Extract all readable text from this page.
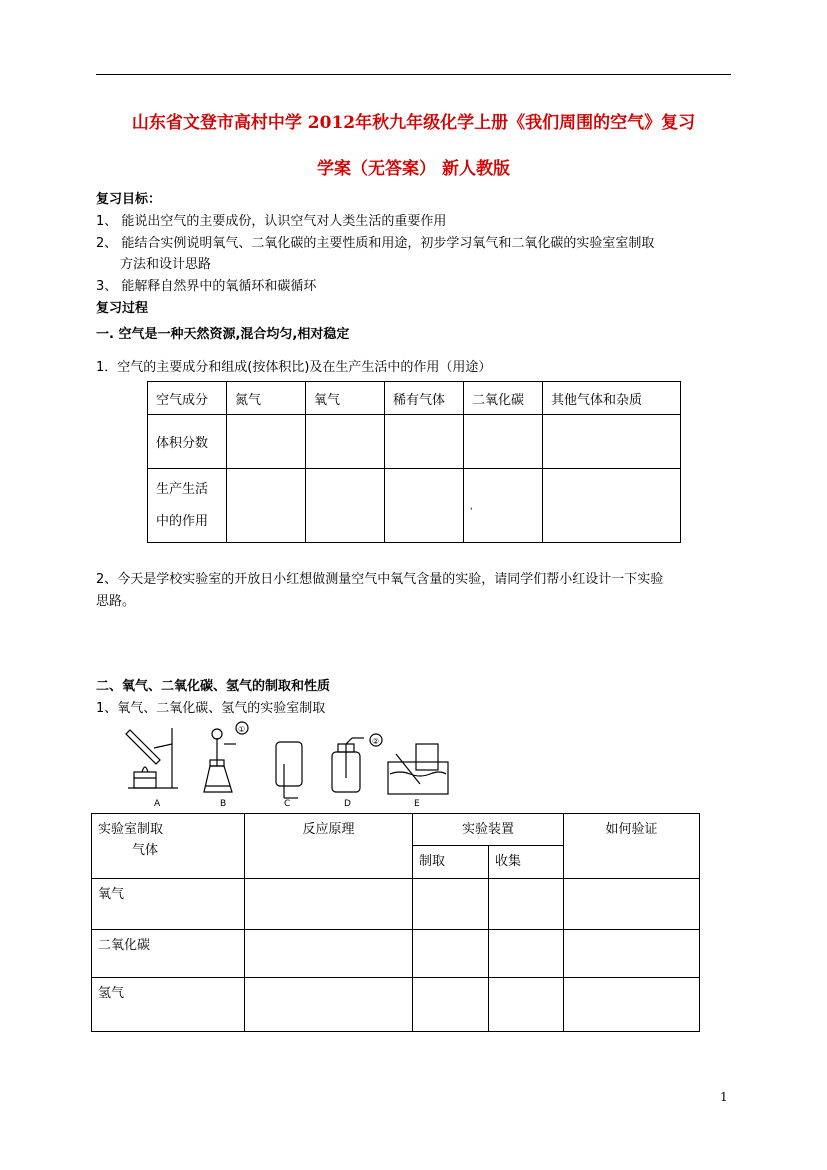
山东省文登市高村中学 2012年秋九年级化学上册《我们周围的空气》复习
学案（无答案） 新人教版
复习目标：
1、 能说出空气的主要成份，认识空气对人类生活的重要作用
2、 能结合实例说明氧气、二氧化碳的主要性质和用途，初步学习氧气和二氧化碳的实验室室制取
方法和设计思路
3、 能解释自然界中的氧循环和碳循环
复习过程
一. 空气是一种天然资源,混合均匀,相对稳定
1．空气的主要成分和组成(按体积比)及在生产生活中的作用（用途）
空气成分	氮气	氧气	稀有气体	二氧化碳	其他气体和杂质
体积分数					

生产生活
中的作用				'	

2、今天是学校实验室的开放日小红想做测量空气中氧气含量的实验，请同学们帮小红设计一下实验
思路。
二、氧气、二氧化碳、氢气的制取和性质
1、氧气、二氧化碳、氢气的实验室制取
①
②
A	B	C	D	E
实验室制取
气体	反应原理	实验装置		如何验证
		制取	收集	
氧气				
二氧化碳				
氢气				
1
